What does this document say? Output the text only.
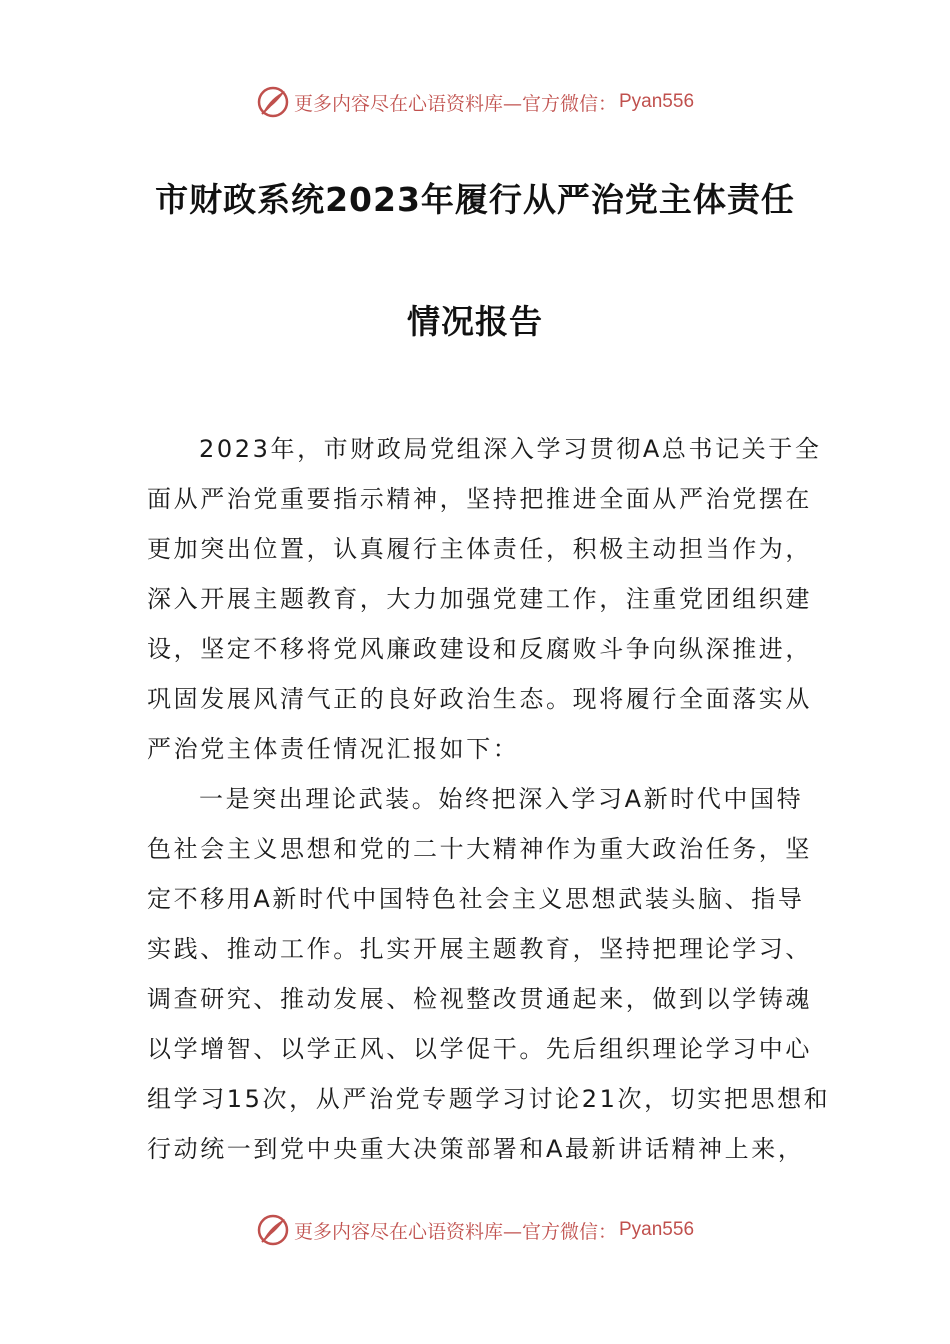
更多内容尽在心语资料库—官方微信： Pyan556
市财政系统2023年履行从严治党主体责任
情况报告
2023年，市财政局党组深入学习贯彻A总书记关于全
面从严治党重要指示精神，坚持把推进全面从严治党摆在
更加突出位置，认真履行主体责任，积极主动担当作为，
深入开展主题教育，大力加强党建工作，注重党团组织建
设，坚定不移将党风廉政建设和反腐败斗争向纵深推进，
巩固发展风清气正的良好政治生态。现将履行全面落实从
严治党主体责任情况汇报如下：
一是突出理论武装。始终把深入学习A新时代中国特
色社会主义思想和党的二十大精神作为重大政治任务，坚
定不移用A新时代中国特色社会主义思想武装头脑、指导
实践、推动工作。扎实开展主题教育，坚持把理论学习、
调查研究、推动发展、检视整改贯通起来，做到以学铸魂
以学增智、以学正风、以学促干。先后组织理论学习中心
组学习15次，从严治党专题学习讨论21次，切实把思想和
行动统一到党中央重大决策部署和A最新讲话精神上来，
更多内容尽在心语资料库—官方微信： Pyan556
